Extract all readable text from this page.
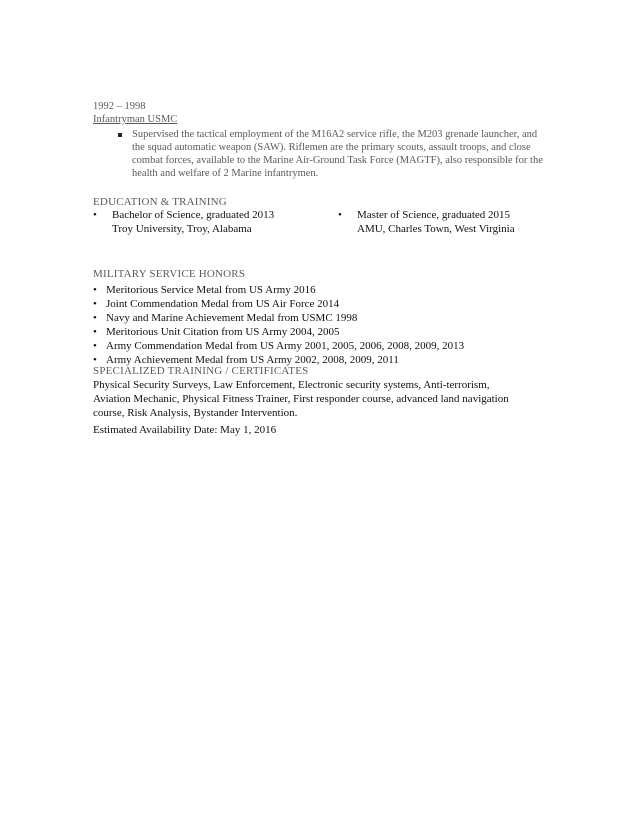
1992 – 1998
Infantryman USMC
Supervised the tactical employment of the M16A2 service rifle, the M203 grenade launcher, and the squad automatic weapon (SAW). Riflemen are the primary scouts, assault troops, and close combat forces, available to the Marine Air-Ground Task Force (MAGTF), also responsible for the health and welfare of 2 Marine infantrymen.
EDUCATION & TRAINING
• Bachelor of Science, graduated 2013
Troy University, Troy, Alabama
• Master of Science, graduated 2015
AMU, Charles Town, West Virginia
MILITARY SERVICE HONORS
• Meritorious Service Metal from US Army 2016
• Joint Commendation Medal from US Air Force 2014
• Navy and Marine Achievement Medal from USMC 1998
• Meritorious Unit Citation from US Army 2004, 2005
• Army Commendation Medal from US Army 2001, 2005, 2006, 2008, 2009, 2013
• Army Achievement Medal from US Army 2002, 2008, 2009, 2011
SPECIALIZED TRAINING / CERTIFICATES
Physical Security Surveys, Law Enforcement, Electronic security systems, Anti-terrorism, Aviation Mechanic, Physical Fitness Trainer, First responder course, advanced land navigation course, Risk Analysis, Bystander Intervention.
Estimated Availability Date: May 1, 2016
